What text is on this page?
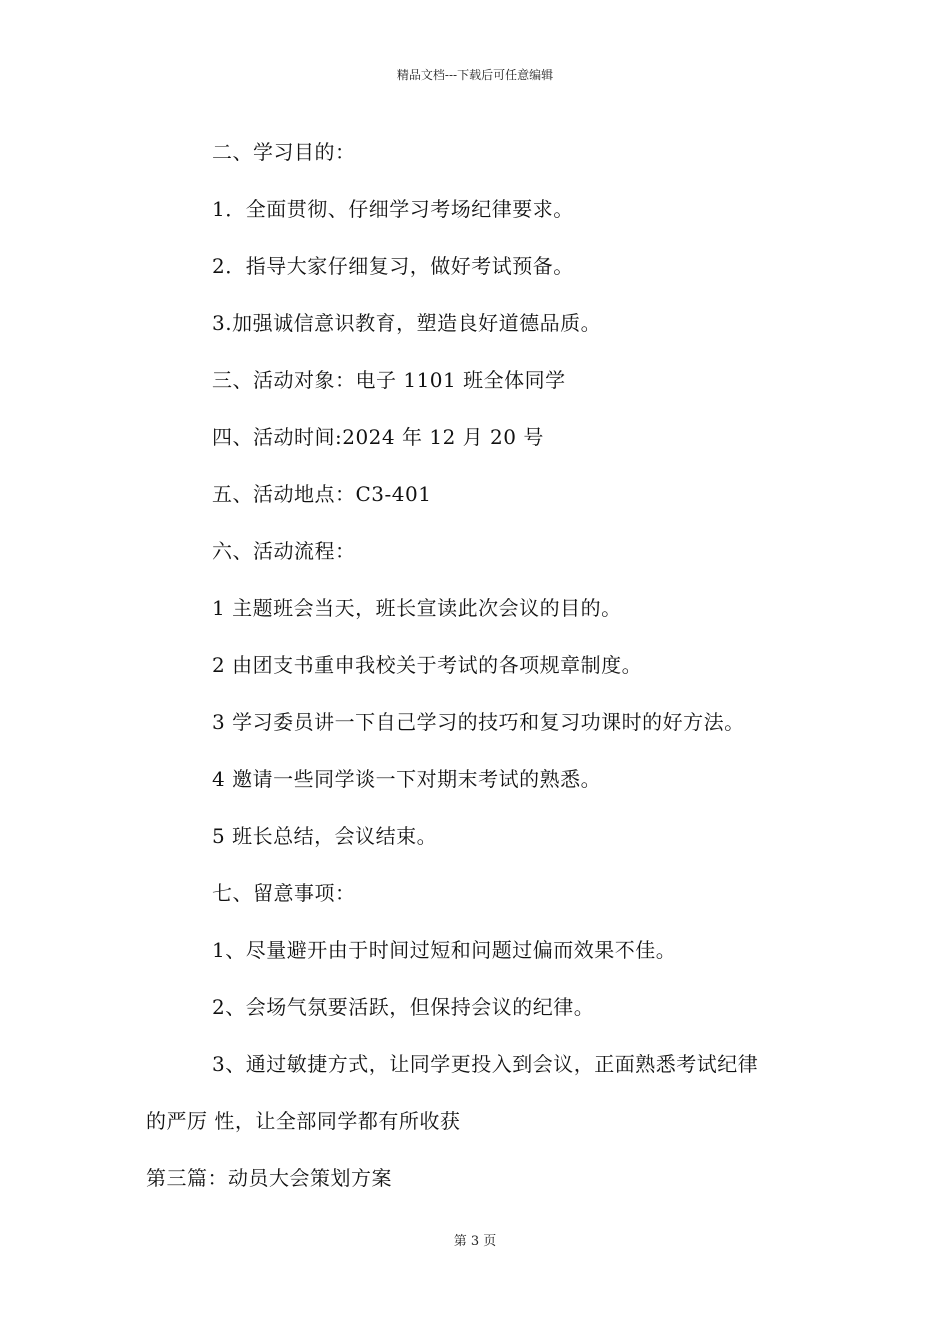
精品文档---下载后可任意编辑
二、学习目的：
1．全面贯彻、仔细学习考场纪律要求。
2．指导大家仔细复习，做好考试预备。
3.加强诚信意识教育，塑造良好道德品质。
三、活动对象：电子 1101 班全体同学
四、活动时间:2024 年 12 月 20 号
五、活动地点：C3-401
六、活动流程：
1 主题班会当天，班长宣读此次会议的目的。
2 由团支书重申我校关于考试的各项规章制度。
3 学习委员讲一下自己学习的技巧和复习功课时的好方法。
4 邀请一些同学谈一下对期末考试的熟悉。
5 班长总结，会议结束。
七、留意事项：
1、尽量避开由于时间过短和问题过偏而效果不佳。
2、会场气氛要活跃，但保持会议的纪律。
3、通过敏捷方式，让同学更投入到会议，正面熟悉考试纪律
的严厉 性，让全部同学都有所收获
第三篇：动员大会策划方案
第 3 页
